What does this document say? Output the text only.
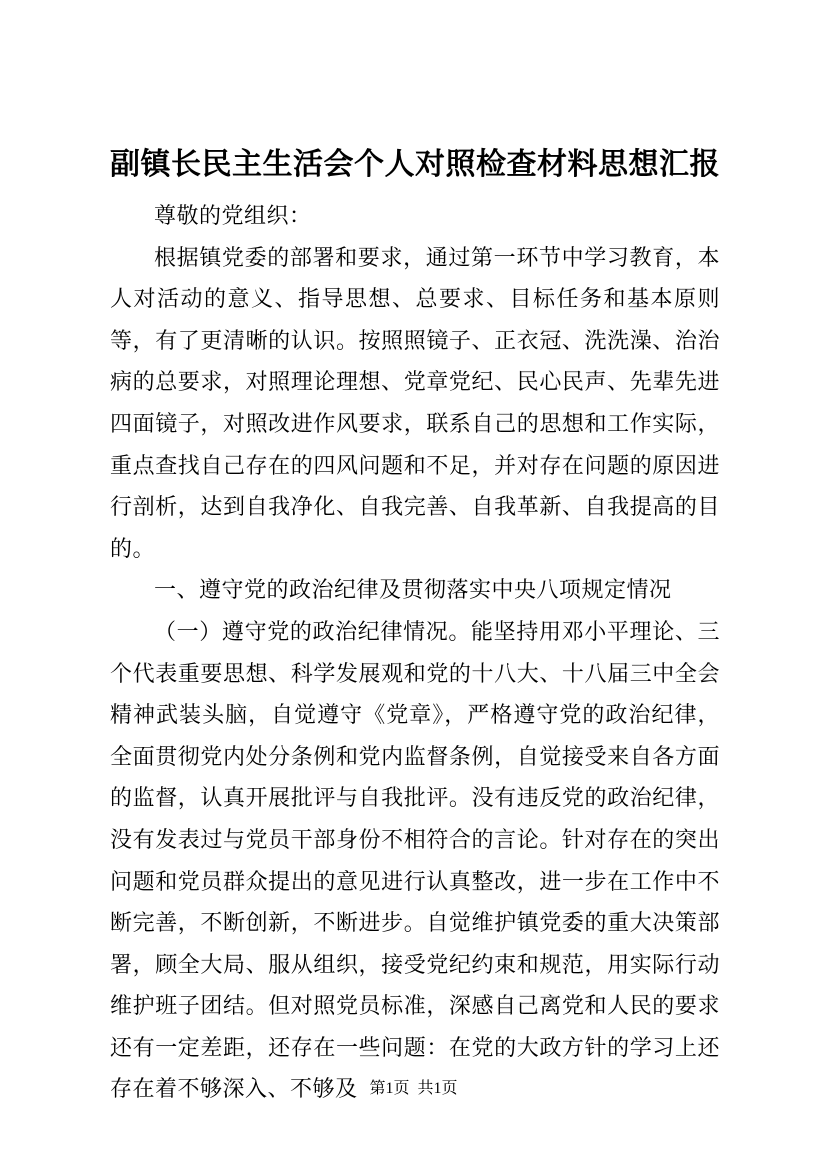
副镇长民主生活会个人对照检查材料思想汇报

尊敬的党组织：

根据镇党委的部署和要求，通过第一环节中学习教育，本人对活动的意义、指导思想、总要求、目标任务和基本原则等，有了更清晰的认识。按照照镜子、正衣冠、洗洗澡、治治病的总要求，对照理论理想、党章党纪、民心民声、先辈先进四面镜子，对照改进作风要求，联系自己的思想和工作实际，重点查找自己存在的四风问题和不足，并对存在问题的原因进行剖析，达到自我净化、自我完善、自我革新、自我提高的目的。

一、遵守党的政治纪律及贯彻落实中央八项规定情况

（一）遵守党的政治纪律情况。能坚持用邓小平理论、三个代表重要思想、科学发展观和党的十八大、十八届三中全会精神武装头脑，自觉遵守《党章》，严格遵守党的政治纪律，全面贯彻党内处分条例和党内监督条例，自觉接受来自各方面的监督，认真开展批评与自我批评。没有违反党的政治纪律，没有发表过与党员干部身份不相符合的言论。针对存在的突出问题和党员群众提出的意见进行认真整改，进一步在工作中不断完善，不断创新，不断进步。自觉维护镇党委的重大决策部署，顾全大局、服从组织，接受党纪约束和规范，用实际行动维护班子团结。但对照党员标准，深感自己离党和人民的要求还有一定差距，还存在一些问题：在党的大政方针的学习上还存在着不够深入、不够及 第1页  共1页
